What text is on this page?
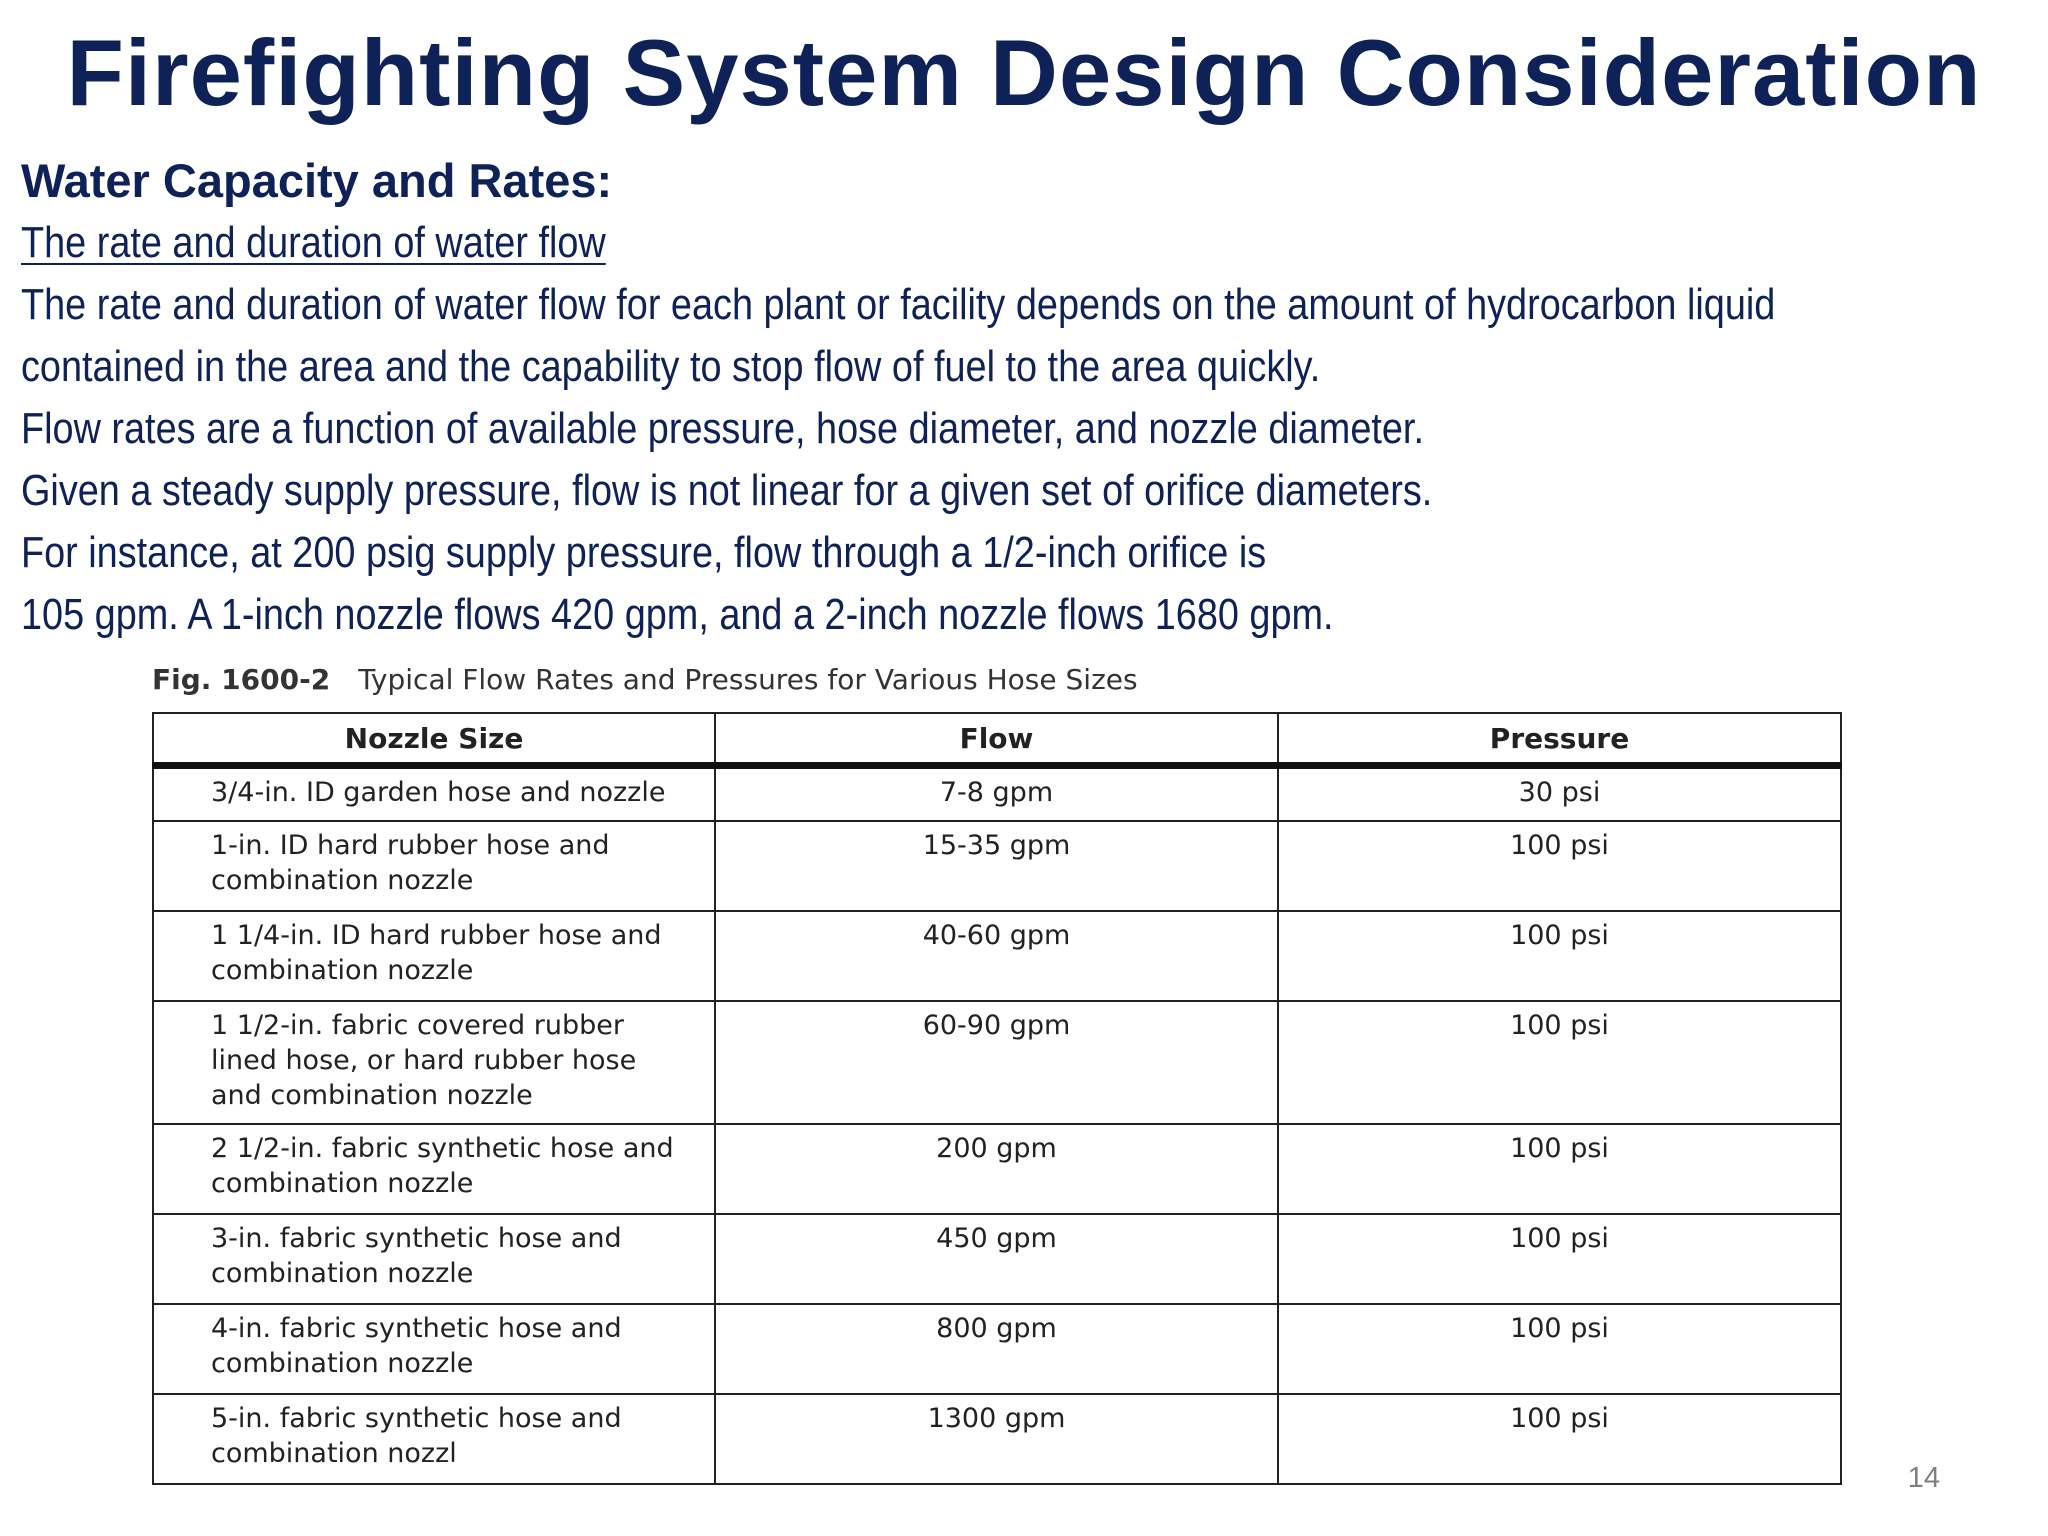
Firefighting System Design Consideration

Water Capacity and Rates:

The rate and duration of water flow

The rate and duration of water flow for each plant or facility depends on the amount of hydrocarbon liquid

contained in the area and the capability to stop flow of fuel to the area quickly.

Flow rates are a function of available pressure, hose diameter, and nozzle diameter.

Given a steady supply pressure, flow is not linear for a given set of orifice diameters.

For instance, at 200 psig supply pressure, flow through a 1/2-inch orifice is

105 gpm. A 1-inch nozzle flows 420 gpm, and a 2-inch nozzle flows 1680 gpm.

Fig. 1600-2 Typical Flow Rates and Pressures for Various Hose Sizes
Nozzle Size	Flow	Pressure

3/4-in. ID garden hose and nozzle	7-8 gpm	30 psi

1-in. ID hard rubber hose and
combination nozzle	15-35 gpm	100 psi

1 1/4-in. ID hard rubber hose and
combination nozzle	40-60 gpm	100 psi

1 1/2-in. fabric covered rubber
lined hose, or hard rubber hose
and combination nozzle	60-90 gpm	100 psi

2 1/2-in. fabric synthetic hose and
combination nozzle	200 gpm	100 psi

3-in. fabric synthetic hose and
combination nozzle	450 gpm	100 psi

4-in. fabric synthetic hose and
combination nozzle	800 gpm	100 psi

5-in. fabric synthetic hose and
combination nozzl	1300 gpm	100 psi
14
